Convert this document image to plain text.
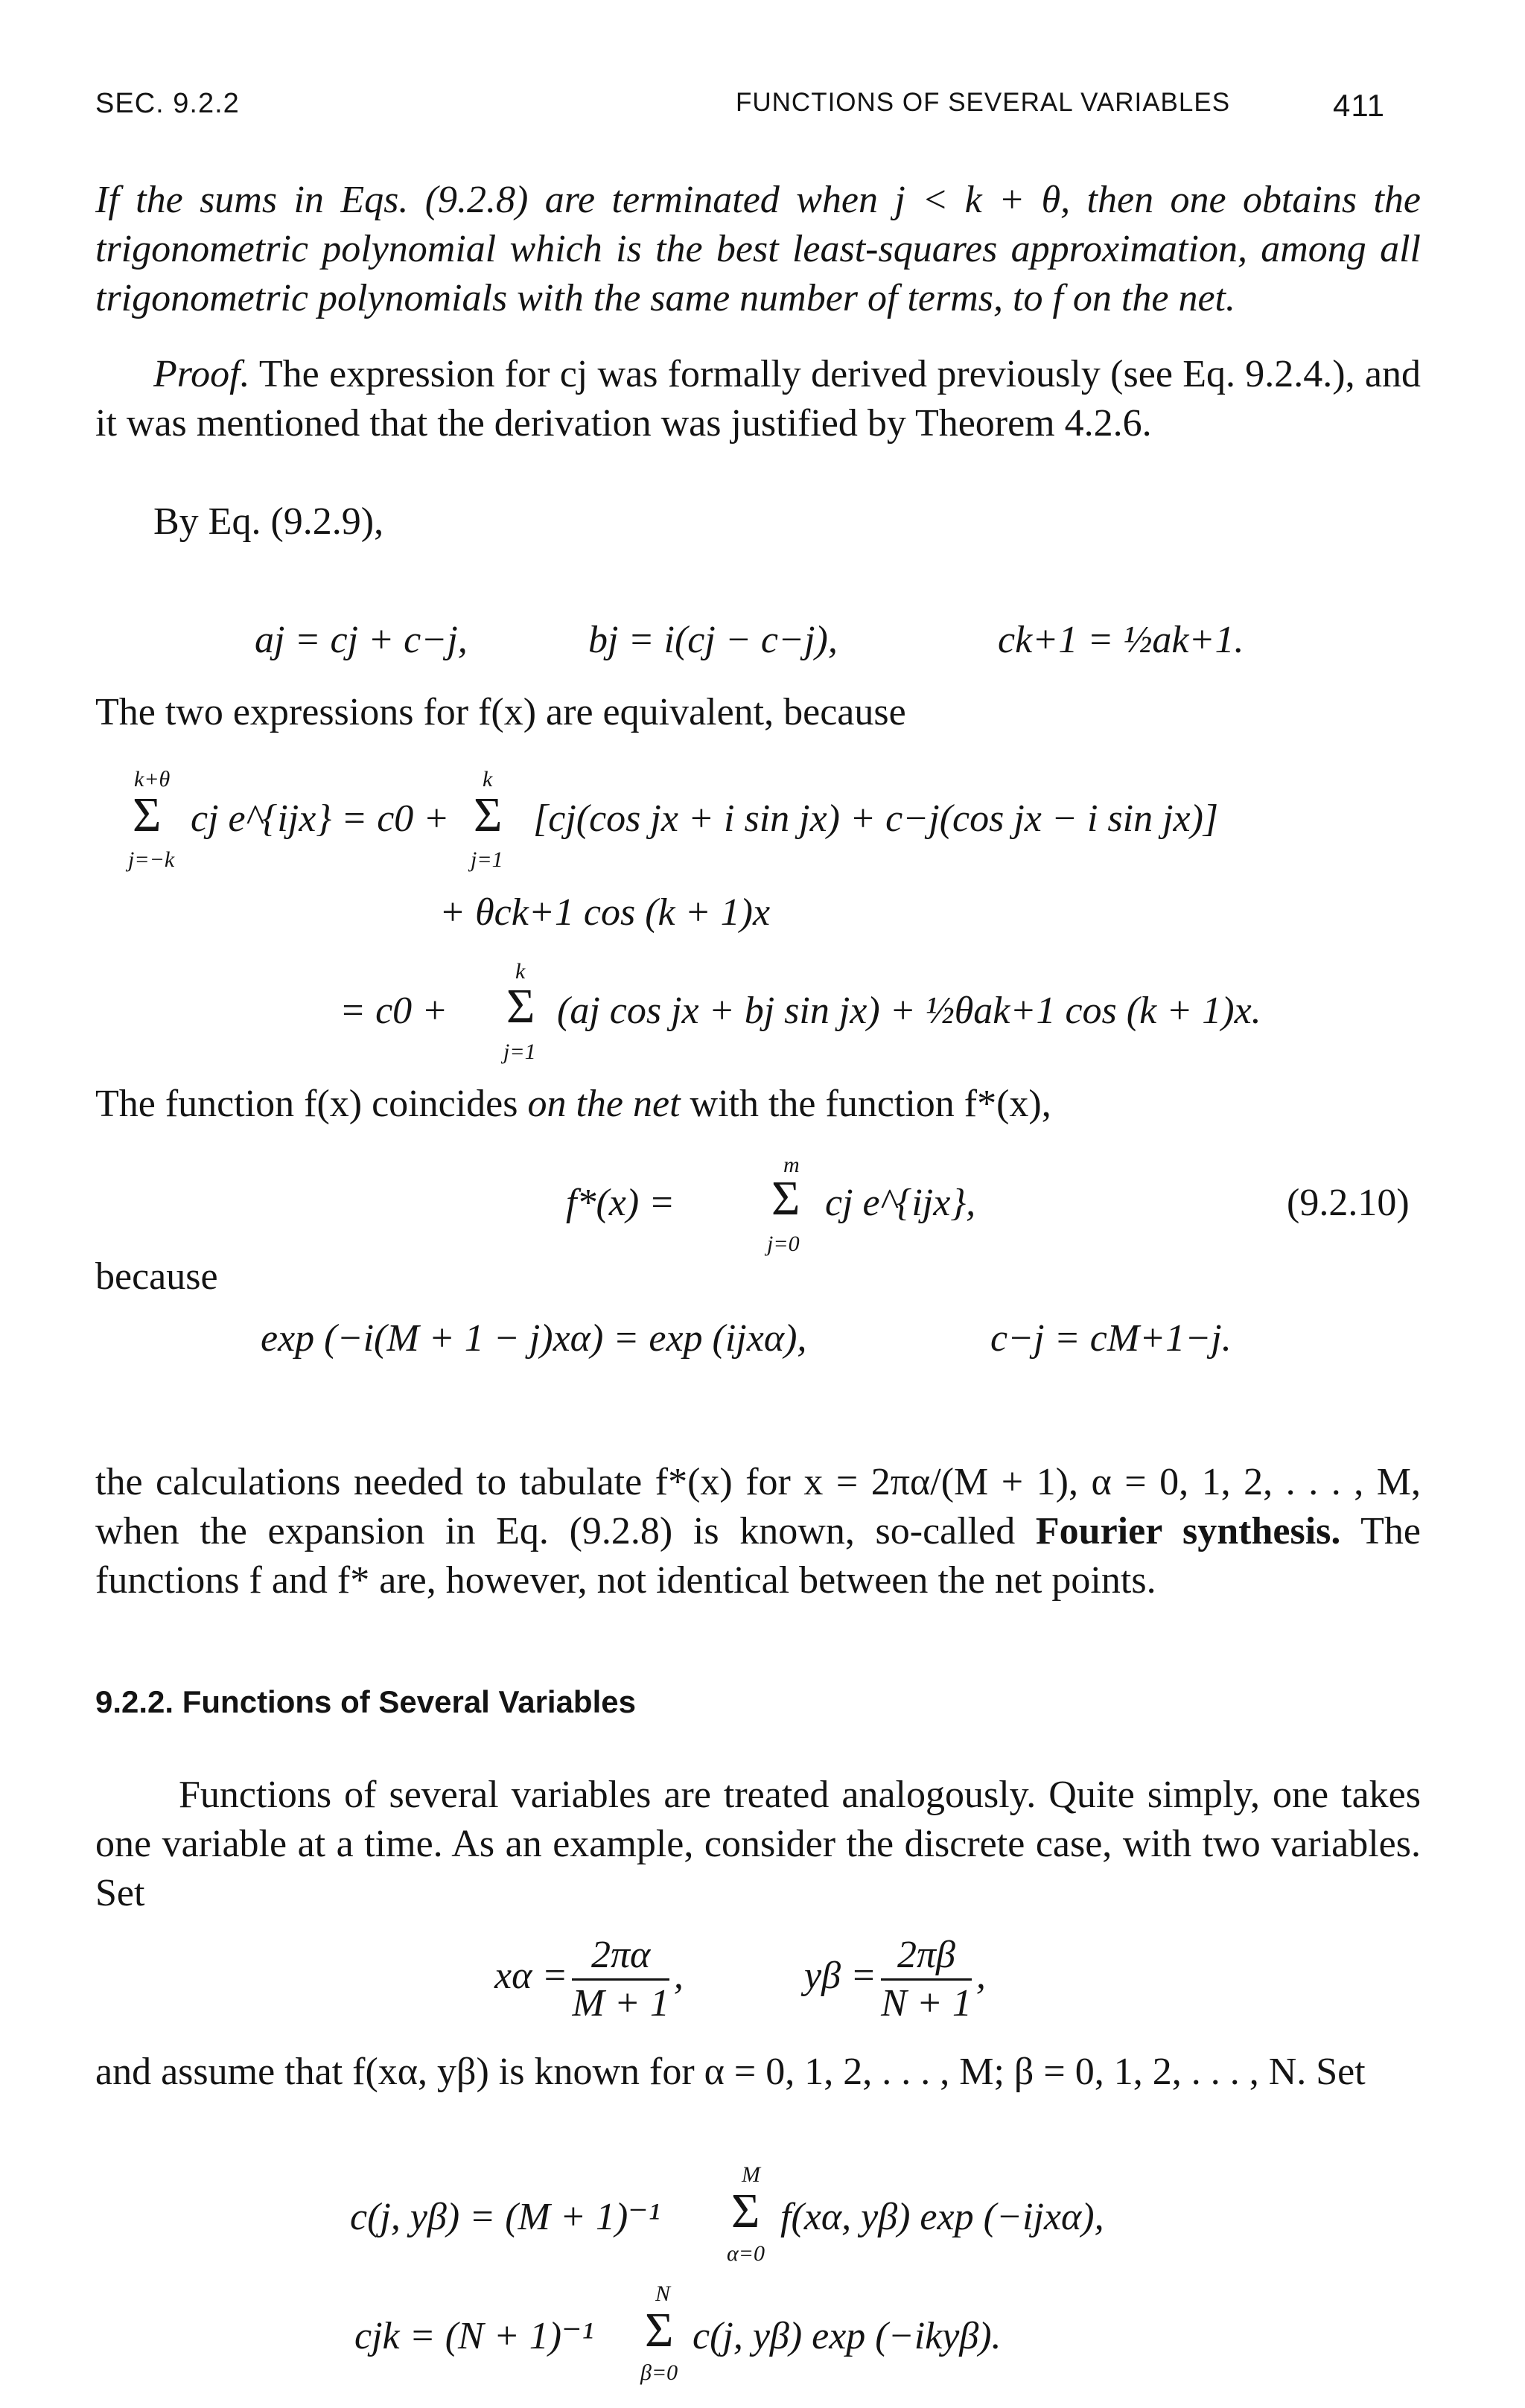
SEC. 9.2.2	FUNCTIONS OF SEVERAL VARIABLES	411
If the sums in Eqs. (9.2.8) are terminated when j < k + θ, then one obtains the trigonometric polynomial which is the best least-squares approximation, among all trigonometric polynomials with the same number of terms, to f on the net.
Proof. The expression for cj was formally derived previously (see Eq. 9.2.4.), and it was mentioned that the derivation was justified by Theorem 4.2.6.
By Eq. (9.2.9),
aj = cj + c−j,	bj = i(cj − c−j),	ck+1 = ½ak+1.
The two expressions for f(x) are equivalent, because
k+θ
Σ
j=−k
cj e^{ijx} = c0 +
k
Σ
j=1
[cj(cos jx + i sin jx) + c−j(cos jx − i sin jx)]
+ θck+1 cos (k + 1)x
= c0 +
k
Σ
j=1
(aj cos jx + bj sin jx) + ½θak+1 cos (k + 1)x.
The function f(x) coincides on the net with the function f*(x),
f*(x) =
m
Σ
j=0
cj e^{ijx},	(9.2.10)
because
exp (−i(M + 1 − j)xα) = exp (ijxα),	c−j = cM+1−j.
the calculations needed to tabulate f*(x) for x = 2πα/(M + 1), α = 0, 1, 2, . . . , M, when the expansion in Eq. (9.2.8) is known, so-called Fourier synthesis. The functions f and f* are, however, not identical between the net points.
9.2.2. Functions of Several Variables
Functions of several variables are treated analogously. Quite simply, one takes one variable at a time. As an example, consider the discrete case, with two variables. Set
$x\alpha = \frac{2\pi\alpha}{M + 1}$ ,	$y\beta = \frac{2\pi\beta}{N + 1}$ ,
and assume that f(xα, yβ) is known for α = 0, 1, 2, . . . , M; β = 0, 1, 2, . . . , N. Set
c(j, yβ) = (M + 1)⁻¹
M
Σ
α=0
f(xα, yβ) exp (−ijxα),
cjk = (N + 1)⁻¹
N
Σ
β=0
c(j, yβ) exp (−ikyβ).
